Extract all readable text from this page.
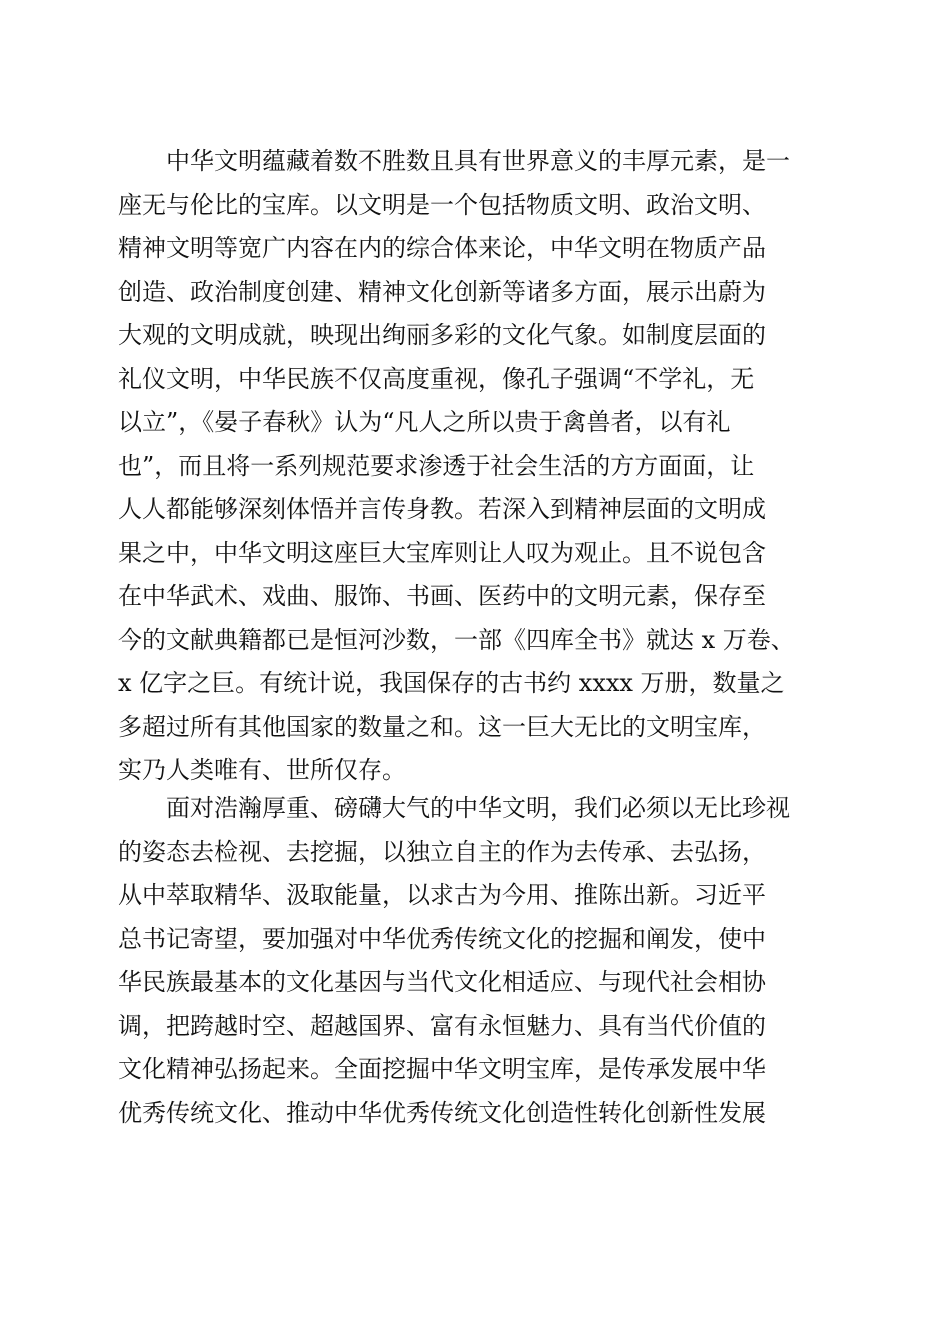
　　中华文明蕴藏着数不胜数且具有世界意义的丰厚元素，是一
座无与伦比的宝库。以文明是一个包括物质文明、政治文明、
精神文明等宽广内容在内的综合体来论，中华文明在物质产品
创造、政治制度创建、精神文化创新等诸多方面，展示出蔚为
大观的文明成就，映现出绚丽多彩的文化气象。如制度层面的
礼仪文明，中华民族不仅高度重视，像孔子强调“不学礼，无
以立”，《晏子春秋》认为“凡人之所以贵于禽兽者，以有礼
也”，而且将一系列规范要求渗透于社会生活的方方面面，让
人人都能够深刻体悟并言传身教。若深入到精神层面的文明成
果之中，中华文明这座巨大宝库则让人叹为观止。且不说包含
在中华武术、戏曲、服饰、书画、医药中的文明元素，保存至
今的文献典籍都已是恒河沙数，一部《四库全书》就达 x 万卷、
x 亿字之巨。有统计说，我国保存的古书约 xxxx 万册，数量之
多超过所有其他国家的数量之和。这一巨大无比的文明宝库，
实乃人类唯有、世所仅存。

　　面对浩瀚厚重、磅礴大气的中华文明，我们必须以无比珍视
的姿态去检视、去挖掘，以独立自主的作为去传承、去弘扬，
从中萃取精华、汲取能量，以求古为今用、推陈出新。习近平
总书记寄望，要加强对中华优秀传统文化的挖掘和阐发，使中
华民族最基本的文化基因与当代文化相适应、与现代社会相协
调，把跨越时空、超越国界、富有永恒魅力、具有当代价值的
文化精神弘扬起来。全面挖掘中华文明宝库，是传承发展中华
优秀传统文化、推动中华优秀传统文化创造性转化创新性发展
